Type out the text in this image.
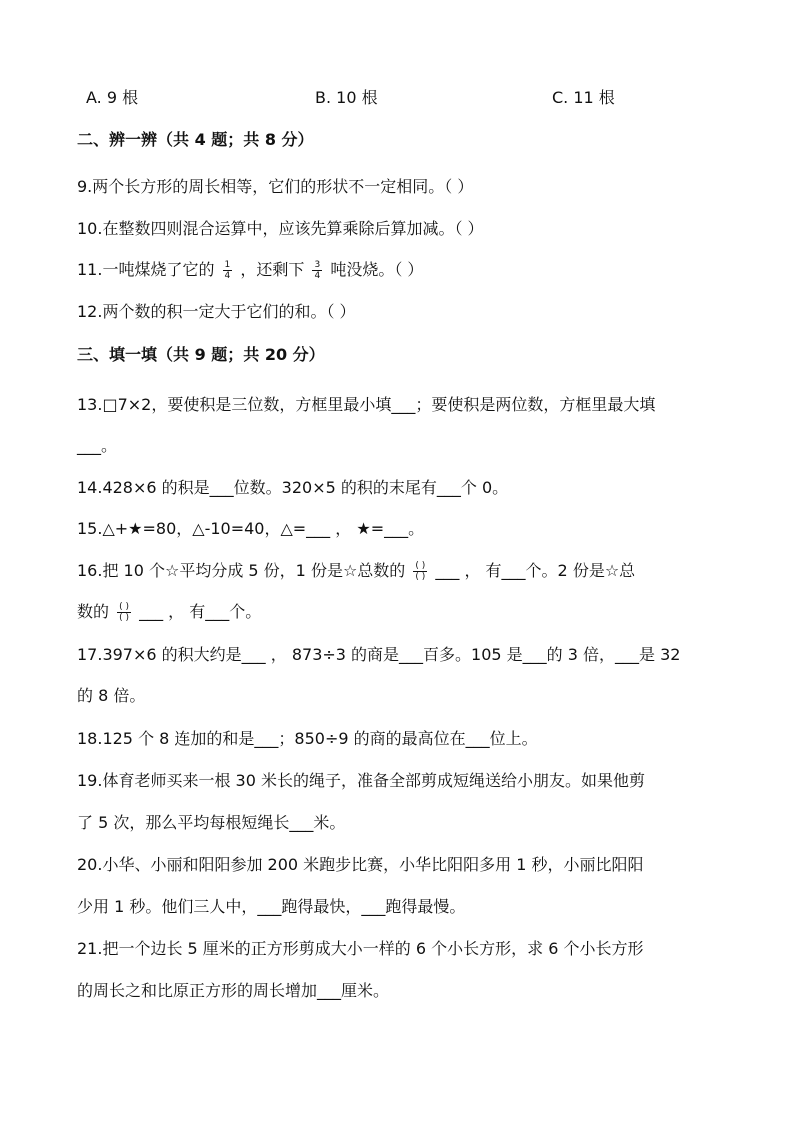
A. 9 根	B. 10 根	C. 11 根
二、辨一辨（共 4 题；共 8 分）
9.两个长方形的周长相等，它们的形状不一定相同。（ ）
10.在整数四则混合运算中，应该先算乘除后算加减。（ ）
11.一吨煤烧了它的 $\frac{1}{4}$ ，还剩下 $\frac{3}{4}$ 吨没烧。（ ）
12.两个数的积一定大于它们的和。（ ）
三、填一填（共 9 题；共 20 分）
13.□7×2，要使积是三位数，方框里最小填___；要使积是两位数，方框里最大填
___。
14.428×6 的积是___位数。320×5 的积的末尾有___个 0。
15.△+★=80，△-10=40，△=___ ， ★=___。
16.把 10 个☆平均分成 5 份，1 份是☆总数的 $\frac{( )}{( )}$ ___ ， 有___个。2 份是☆总
数的 $\frac{( )}{( )}$ ___ ， 有___个。
17.397×6 的积大约是___ ， 873÷3 的商是___百多。105 是___的 3 倍，___是 32
的 8 倍。
18.125 个 8 连加的和是___；850÷9 的商的最高位在___位上。
19.体育老师买来一根 30 米长的绳子，准备全部剪成短绳送给小朋友。如果他剪
了 5 次，那么平均每根短绳长___米。
20.小华、小丽和阳阳参加 200 米跑步比赛，小华比阳阳多用 1 秒，小丽比阳阳
少用 1 秒。他们三人中，___跑得最快，___跑得最慢。
21.把一个边长 5 厘米的正方形剪成大小一样的 6 个小长方形，求 6 个小长方形
的周长之和比原正方形的周长增加___厘米。
